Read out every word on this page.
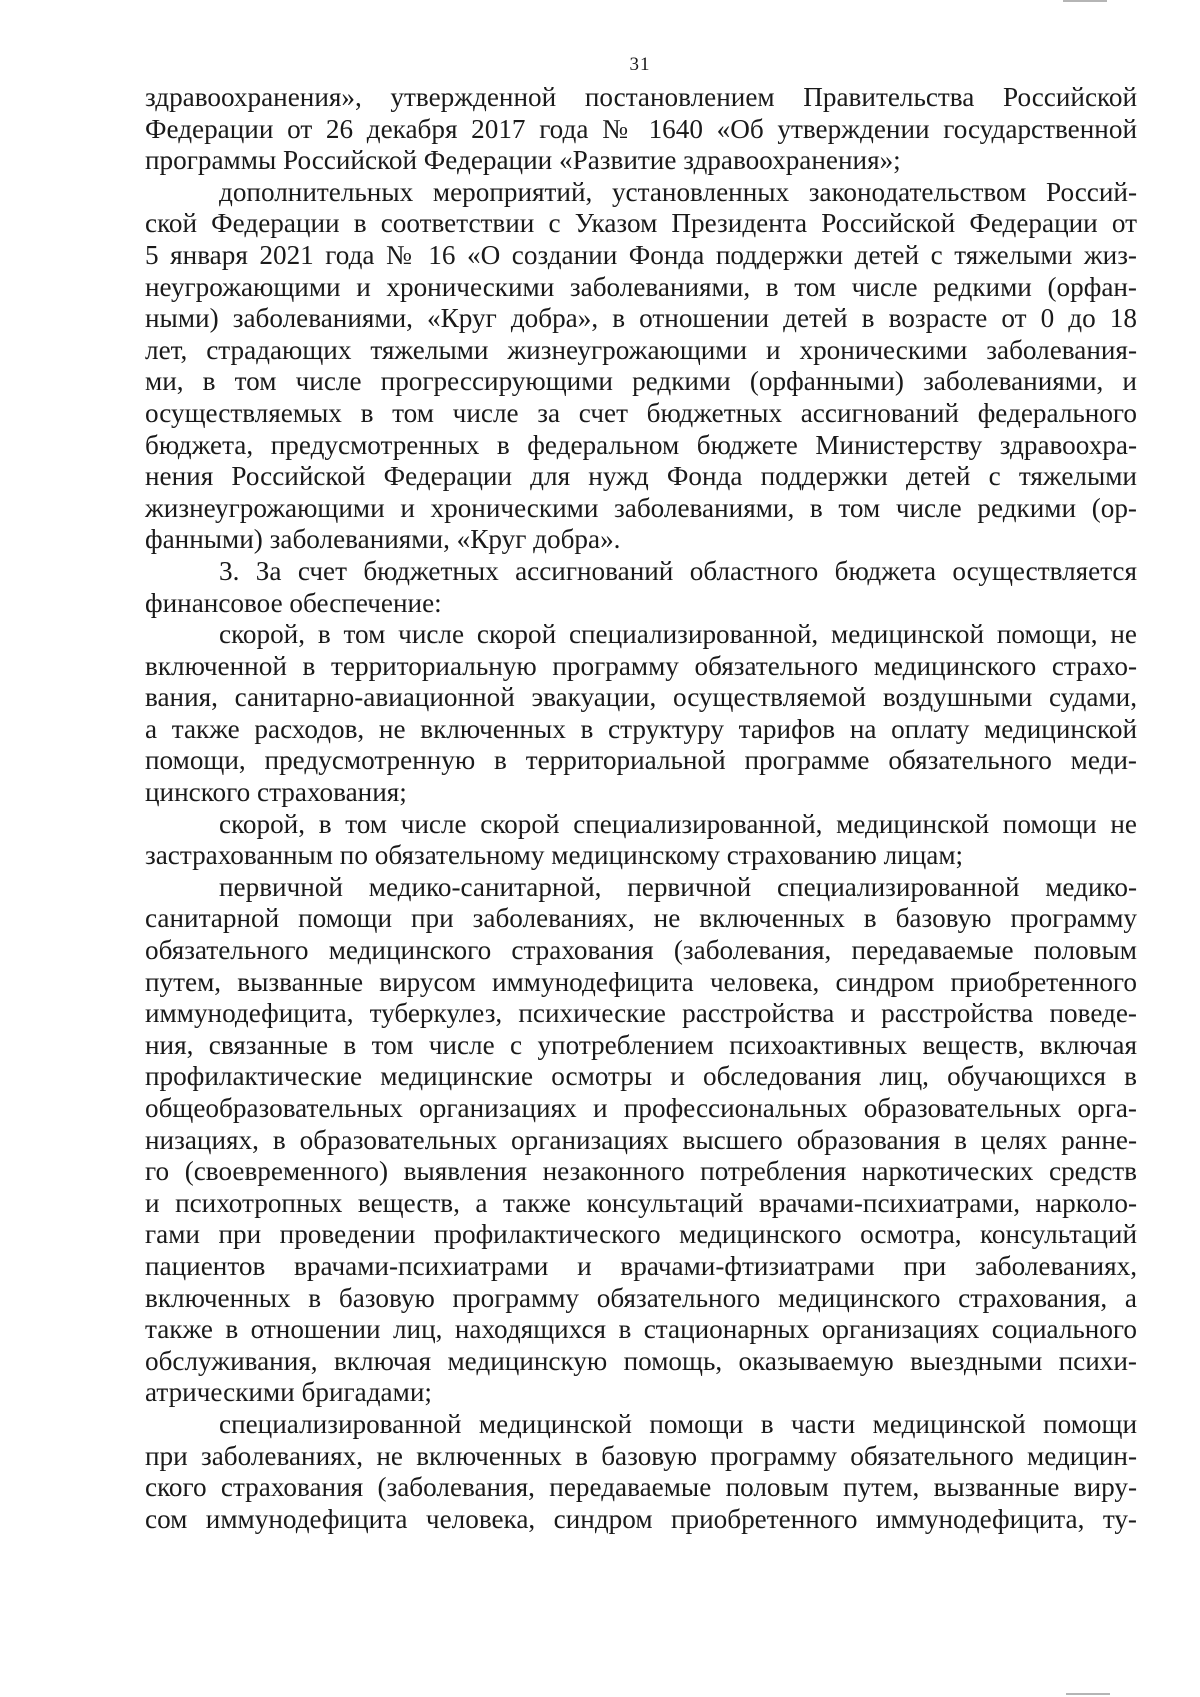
31
здравоохранения», утвержденной постановлением Правительства Российской
Федерации от 26 декабря 2017 года № 1640 «Об утверждении государственной
программы Российской Федерации «Развитие здравоохранения»;
дополнительных мероприятий, установленных законодательством Россий-
ской Федерации в соответствии с Указом Президента Российской Федерации от
5 января 2021 года № 16 «О создании Фонда поддержки детей с тяжелыми жиз-
неугрожающими и хроническими заболеваниями, в том числе редкими (орфан-
ными) заболеваниями, «Круг добра», в отношении детей в возрасте от 0 до 18
лет, страдающих тяжелыми жизнеугрожающими и хроническими заболевания-
ми, в том числе прогрессирующими редкими (орфанными) заболеваниями, и
осуществляемых в том числе за счет бюджетных ассигнований федерального
бюджета, предусмотренных в федеральном бюджете Министерству здравоохра-
нения Российской Федерации для нужд Фонда поддержки детей с тяжелыми
жизнеугрожающими и хроническими заболеваниями, в том числе редкими (ор-
фанными) заболеваниями, «Круг добра».
3. За счет бюджетных ассигнований областного бюджета осуществляется
финансовое обеспечение:
скорой, в том числе скорой специализированной, медицинской помощи, не
включенной в территориальную программу обязательного медицинского страхо-
вания, санитарно-авиационной эвакуации, осуществляемой воздушными судами,
а также расходов, не включенных в структуру тарифов на оплату медицинской
помощи, предусмотренную в территориальной программе обязательного меди-
цинского страхования;
скорой, в том числе скорой специализированной, медицинской помощи не
застрахованным по обязательному медицинскому страхованию лицам;
первичной медико-санитарной, первичной специализированной медико-
санитарной помощи при заболеваниях, не включенных в базовую программу
обязательного медицинского страхования (заболевания, передаваемые половым
путем, вызванные вирусом иммунодефицита человека, синдром приобретенного
иммунодефицита, туберкулез, психические расстройства и расстройства поведе-
ния, связанные в том числе с употреблением психоактивных веществ, включая
профилактические медицинские осмотры и обследования лиц, обучающихся в
общеобразовательных организациях и профессиональных образовательных орга-
низациях, в образовательных организациях высшего образования в целях ранне-
го (своевременного) выявления незаконного потребления наркотических средств
и психотропных веществ, а также консультаций врачами-психиатрами, нарколо-
гами при проведении профилактического медицинского осмотра, консультаций
пациентов врачами-психиатрами и врачами-фтизиатрами при заболеваниях,
включенных в базовую программу обязательного медицинского страхования, а
также в отношении лиц, находящихся в стационарных организациях социального
обслуживания, включая медицинскую помощь, оказываемую выездными психи-
атрическими бригадами;
специализированной медицинской помощи в части медицинской помощи
при заболеваниях, не включенных в базовую программу обязательного медицин-
ского страхования (заболевания, передаваемые половым путем, вызванные виру-
сом иммунодефицита человека, синдром приобретенного иммунодефицита, ту-
